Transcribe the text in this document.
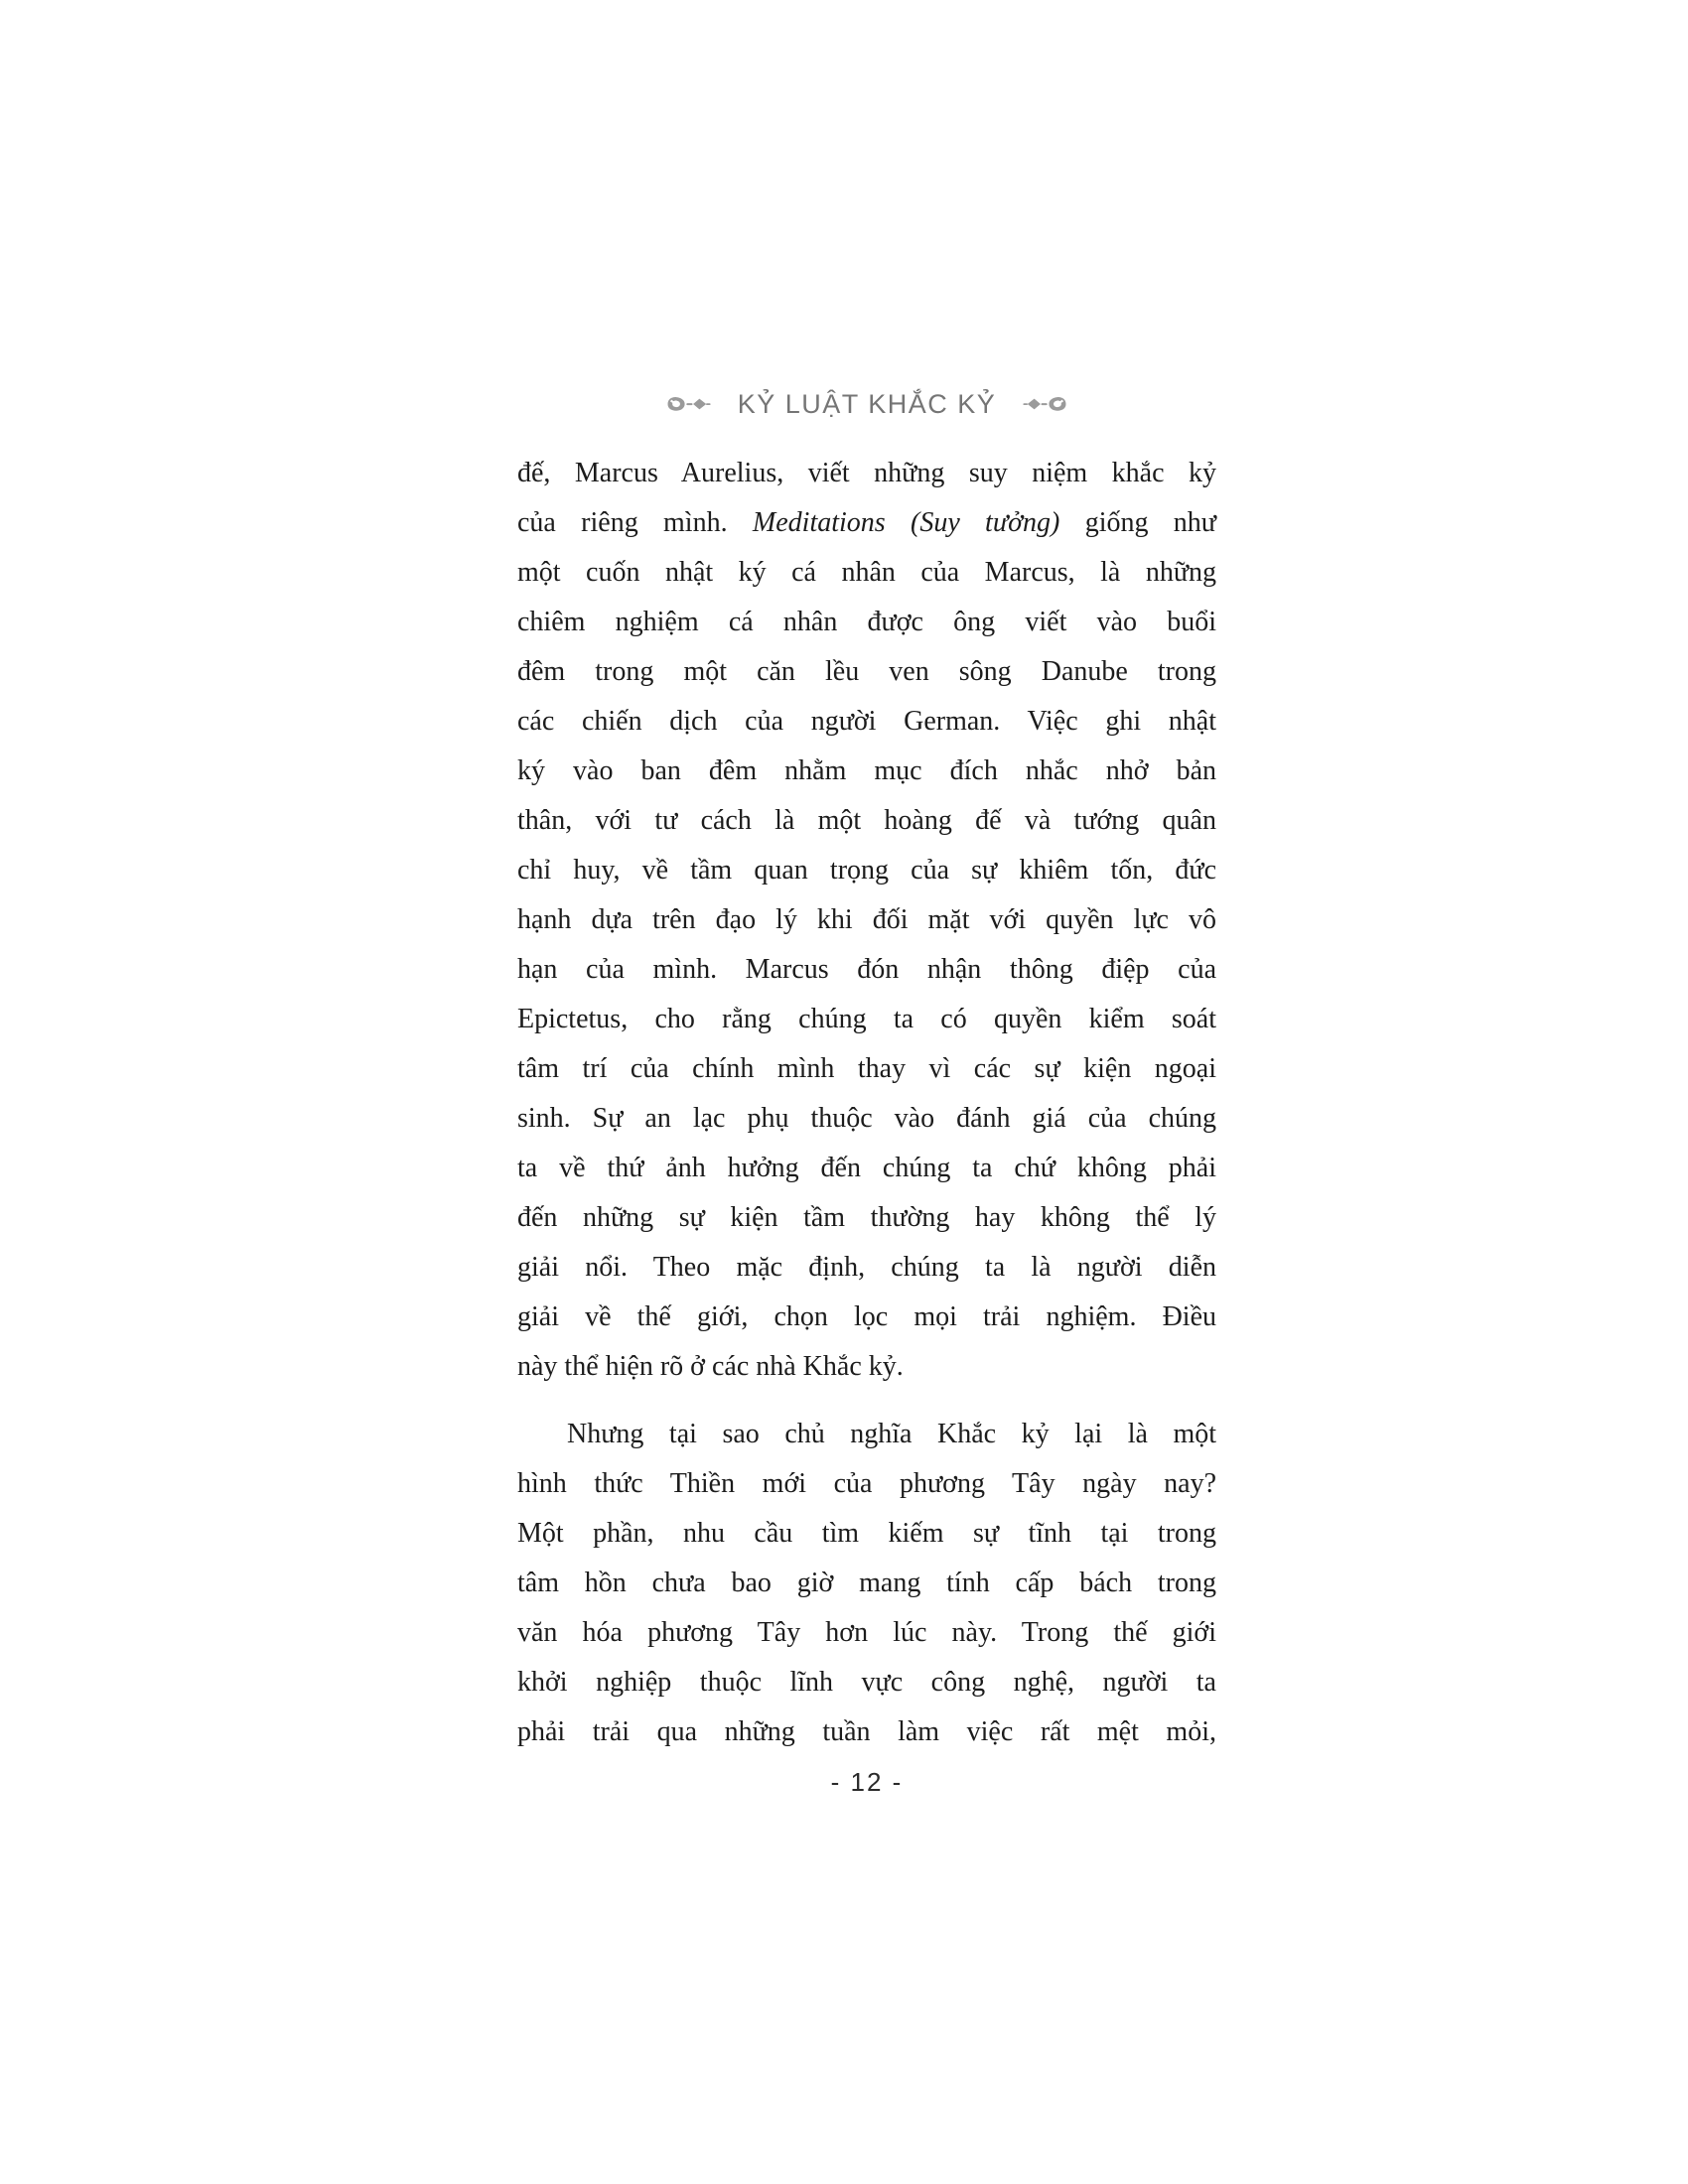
KỶ LUẬT KHẮC KỶ

đế, Marcus Aurelius, viết những suy niệm khắc kỷ
của riêng mình. Meditations (Suy tưởng) giống như
một cuốn nhật ký cá nhân của Marcus, là những
chiêm nghiệm cá nhân được ông viết vào buổi
đêm trong một căn lều ven sông Danube trong
các chiến dịch của người German. Việc ghi nhật
ký vào ban đêm nhằm mục đích nhắc nhở bản
thân, với tư cách là một hoàng đế và tướng quân
chỉ huy, về tầm quan trọng của sự khiêm tốn, đức
hạnh dựa trên đạo lý khi đối mặt với quyền lực vô
hạn của mình. Marcus đón nhận thông điệp của
Epictetus, cho rằng chúng ta có quyền kiểm soát
tâm trí của chính mình thay vì các sự kiện ngoại
sinh. Sự an lạc phụ thuộc vào đánh giá của chúng
ta về thứ ảnh hưởng đến chúng ta chứ không phải
đến những sự kiện tầm thường hay không thể lý
giải nổi. Theo mặc định, chúng ta là người diễn
giải về thế giới, chọn lọc mọi trải nghiệm. Điều
này thể hiện rõ ở các nhà Khắc kỷ.

Nhưng tại sao chủ nghĩa Khắc kỷ lại là một
hình thức Thiền mới của phương Tây ngày nay?
Một phần, nhu cầu tìm kiếm sự tĩnh tại trong
tâm hồn chưa bao giờ mang tính cấp bách trong
văn hóa phương Tây hơn lúc này. Trong thế giới
khởi nghiệp thuộc lĩnh vực công nghệ, người ta
phải trải qua những tuần làm việc rất mệt mỏi,

- 12 -
